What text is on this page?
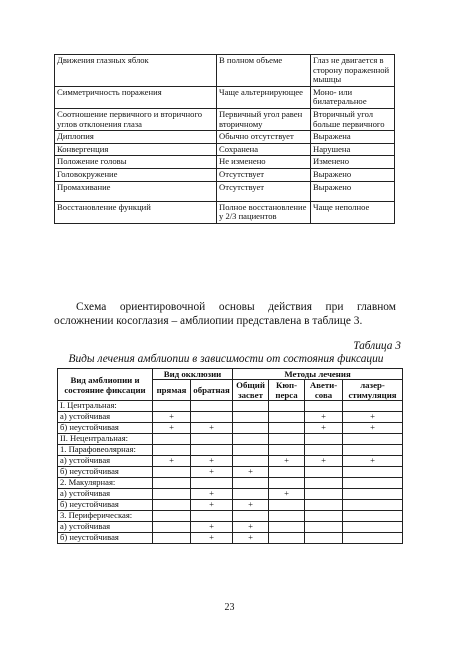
Движения глазных яблок	В полном объеме	Глаз не двигается в сторону пораженной мышцы
Симметричность поражения	Чаще альтернирующее	Моно- или билатеральное
Соотношение первичного и вторичного углов отклонения глаза	Первичный угол равен вторичному	Вторичный угол больше первичного
Диплопия	Обычно отсутствует	Выражена
Конвергенция	Сохранена	Нарушена
Положение головы	Не изменено	Изменено
Головокружение	Отсутствует	Выражено
Промахивание	Отсутствует	Выражено
Восстановление функций	Полное восстановление у 2/3 пациентов	Чаще неполное
Схема ориентировочной основы действия при главном осложнении косоглазия – амблиопии представлена в таблице 3.
Таблица 3
Виды лечения амблиопии в зависимости от состояния фиксации
Вид амблиопии и состояние фиксации	Вид окклюзии		Методы лечения			
	прямая	обратная	Общий засвет	Кюп-перса	Авети-сова	лазер-стимуляция
I. Центральная:						
а) устойчивая	+				+	+
б) неустойчивая	+	+			+	+
II. Нецентральная:						
1. Парафовеолярная:						
а) устойчивая	+	+		+	+	+
б) неустойчивая		+	+			
2. Макулярная:						
а) устойчивая		+		+		
б) неустойчивая		+	+			
3. Периферическая:						
а) устойчивая		+	+			
б) неустойчивая		+	+			
23
